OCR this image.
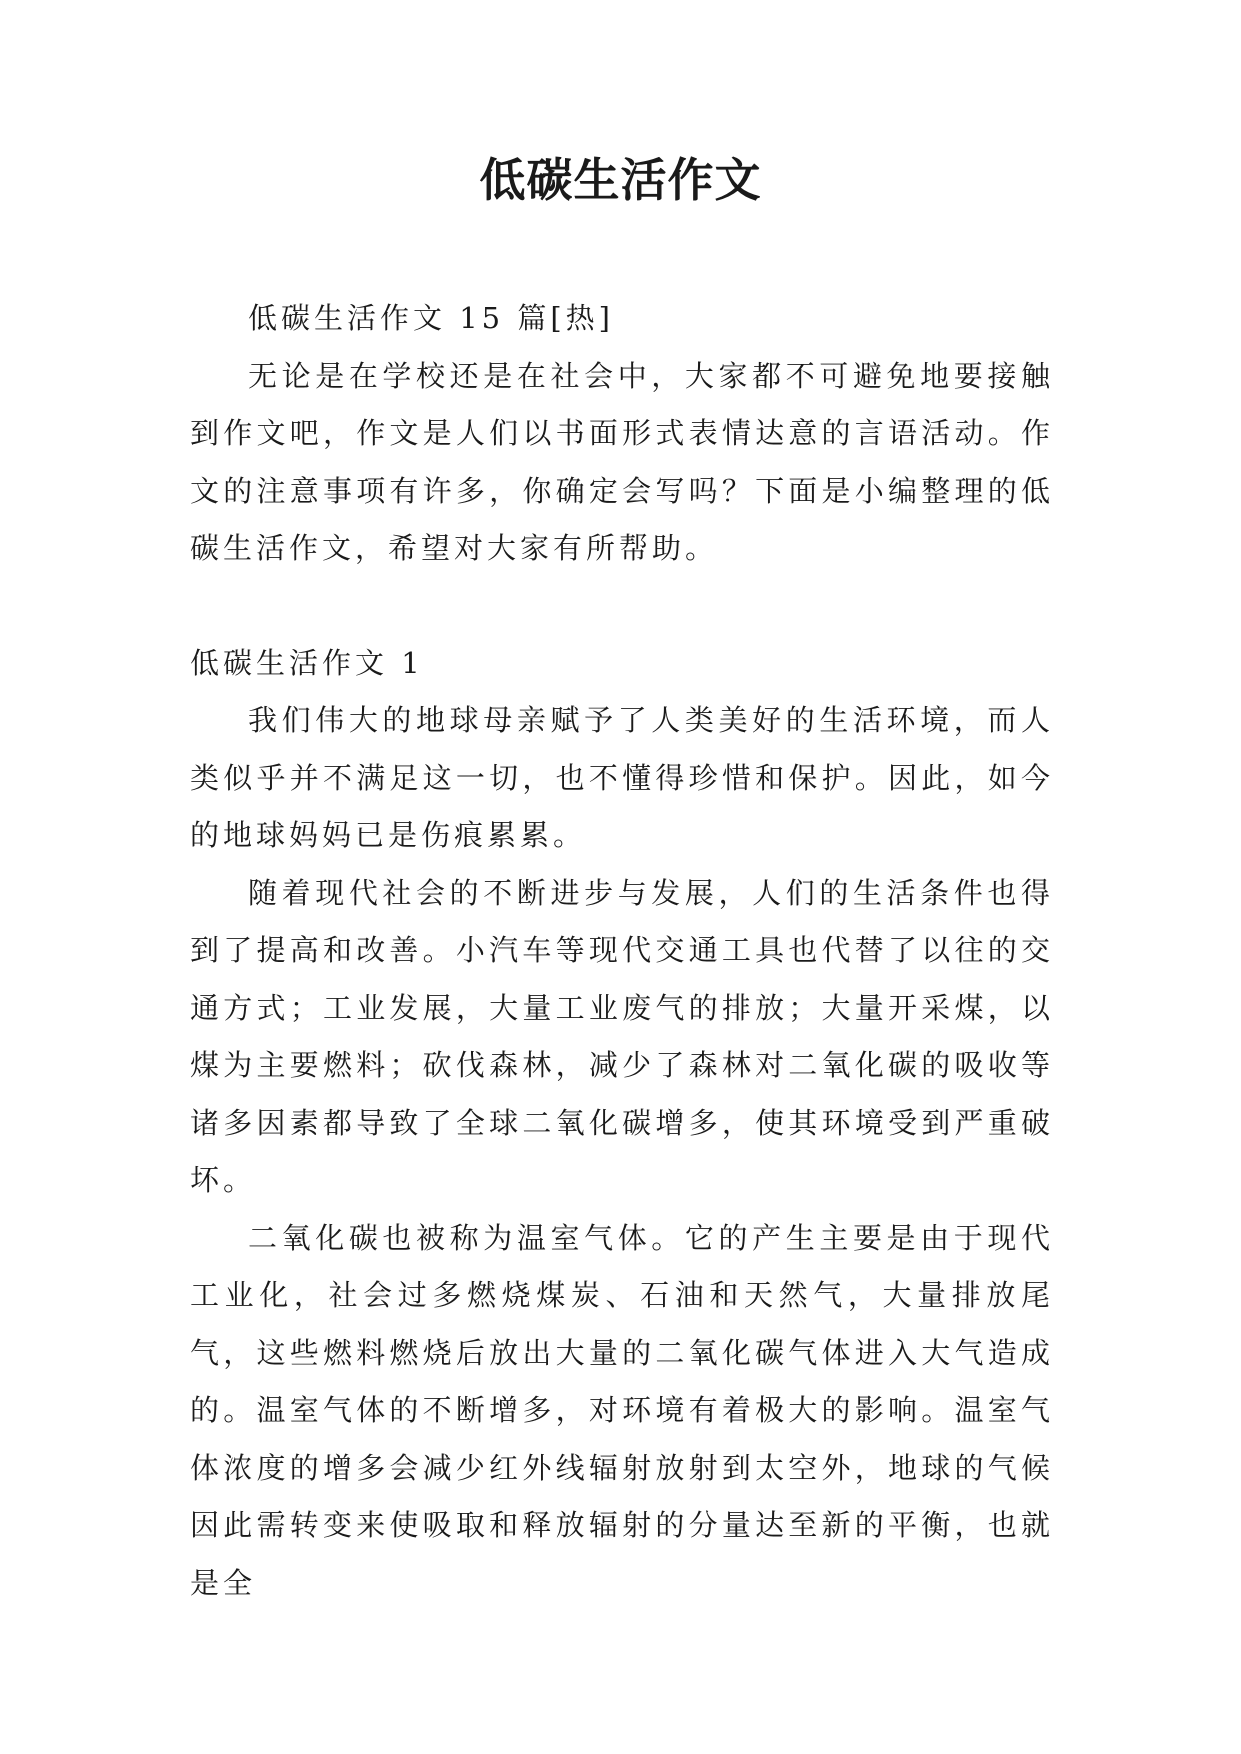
低碳生活作文

低碳生活作文 15 篇[热]

无论是在学校还是在社会中，大家都不可避免地要接触到作文吧，作文是人们以书面形式表情达意的言语活动。作文的注意事项有许多，你确定会写吗？下面是小编整理的低碳生活作文，希望对大家有所帮助。

低碳生活作文 1

我们伟大的地球母亲赋予了人类美好的生活环境，而人类似乎并不满足这一切，也不懂得珍惜和保护。因此，如今的地球妈妈已是伤痕累累。

随着现代社会的不断进步与发展，人们的生活条件也得到了提高和改善。小汽车等现代交通工具也代替了以往的交通方式；工业发展，大量工业废气的排放；大量开采煤，以煤为主要燃料；砍伐森林，减少了森林对二氧化碳的吸收等诸多因素都导致了全球二氧化碳增多，使其环境受到严重破坏。

二氧化碳也被称为温室气体。它的产生主要是由于现代工业化，社会过多燃烧煤炭、石油和天然气，大量排放尾气，这些燃料燃烧后放出大量的二氧化碳气体进入大气造成的。温室气体的不断增多，对环境有着极大的影响。温室气体浓度的增多会减少红外线辐射放射到太空外，地球的气候因此需转变来使吸取和释放辐射的分量达至新的平衡，也就是全
